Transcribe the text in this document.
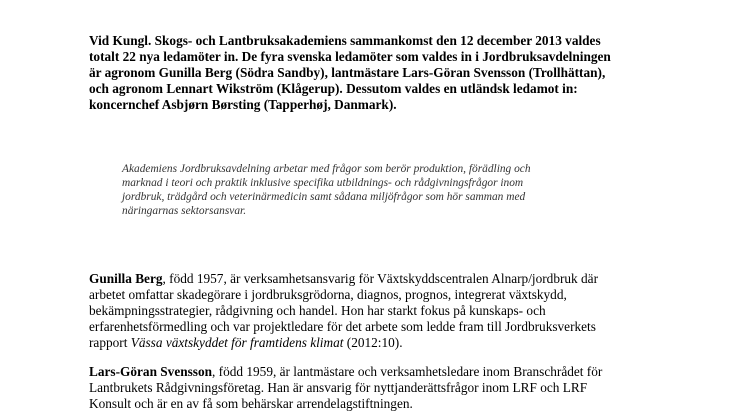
Vid Kungl. Skogs- och Lantbruksakademiens sammankomst den 12 december 2013 valdes
totalt 22 nya ledamöter in. De fyra svenska ledamöter som valdes in i Jordbruksavdelningen
är agronom Gunilla Berg (Södra Sandby), lantmästare Lars-Göran Svensson (Trollhättan),
och agronom Lennart Wikström (Klågerup). Dessutom valdes en utländsk ledamot in:
koncernchef Asbjørn Børsting (Tapperhøj, Danmark).
Akademiens Jordbruksavdelning arbetar med frågor som berör produktion, förädling och
marknad i teori och praktik inklusive specifika utbildnings- och rådgivningsfrågor inom
jordbruk, trädgård och veterinärmedicin samt sådana miljöfrågor som hör samman med
näringarnas sektorsansvar.
Gunilla Berg, född 1957, är verksamhetsansvarig för Växtskyddscentralen Alnarp/jordbruk där
arbetet omfattar skadegörare i jordbruksgrödorna, diagnos, prognos, integrerat växtskydd,
bekämpningsstrategier, rådgivning och handel. Hon har starkt fokus på kunskaps- och
erfarenhetsförmedling och var projektledare för det arbete som ledde fram till Jordbruksverkets
rapport Vässa växtskyddet för framtidens klimat (2012:10).
Lars-Göran Svensson, född 1959, är lantmästare och verksamhetsledare inom Branschrådet för
Lantbrukets Rådgivningsföretag. Han är ansvarig för nyttjanderättsfrågor inom LRF och LRF
Konsult och är en av få som behärskar arrendelagstiftningen.
